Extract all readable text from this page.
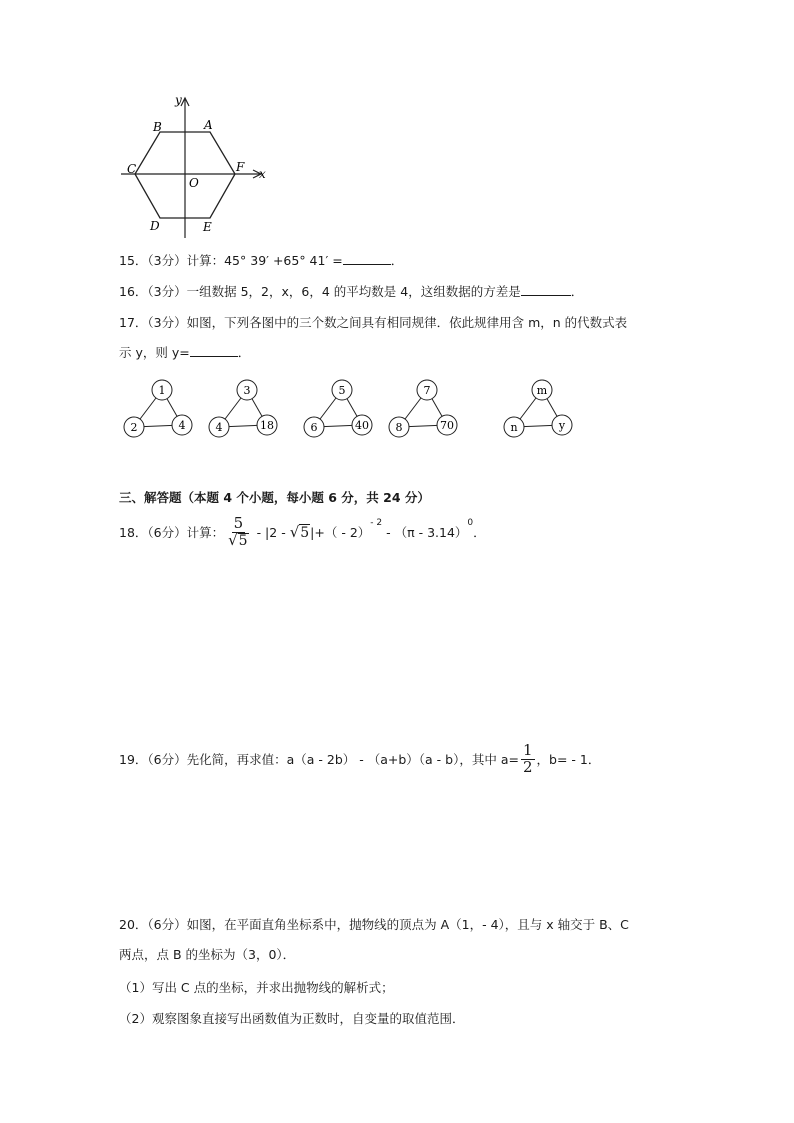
y
x
A
B
C
D	E
F
O
15．（3分）计算：45° 39′ +65° 41′ =	．
16．（3分）一组数据 5，2，x，6，4 的平均数是 4，这组数据的方差是	．
17．（3分）如图，下列各图中的三个数之间具有相同规律．依此规律用含 m，n 的代数式表
示 y，则 y=	．
1
2	4
3
4	18
5
6	40
7
8	70
m
n	y
三、解答题（本题 4 个小题，每小题 6 分，共 24 分）
18．（6分）计算： $\frac{5}{√ 5} - |2$ - √ 5 |+（ - 2）
$^{- 2}$
- （π - 3.14）
$^0$
．
19．（6分）先化简，再求值：a（a - 2b） - （a+b）（a - b），其中 $a= \frac{1}{2}$ ，b= - 1．
20．（6分）如图，在平面直角坐标系中，抛物线的顶点为 A（1，- 4），且与 x 轴交于 B、C
两点，点 B 的坐标为（3，0）．
（1）写出 C 点的坐标，并求出抛物线的解析式；
（2）观察图象直接写出函数值为正数时，自变量的取值范围．
